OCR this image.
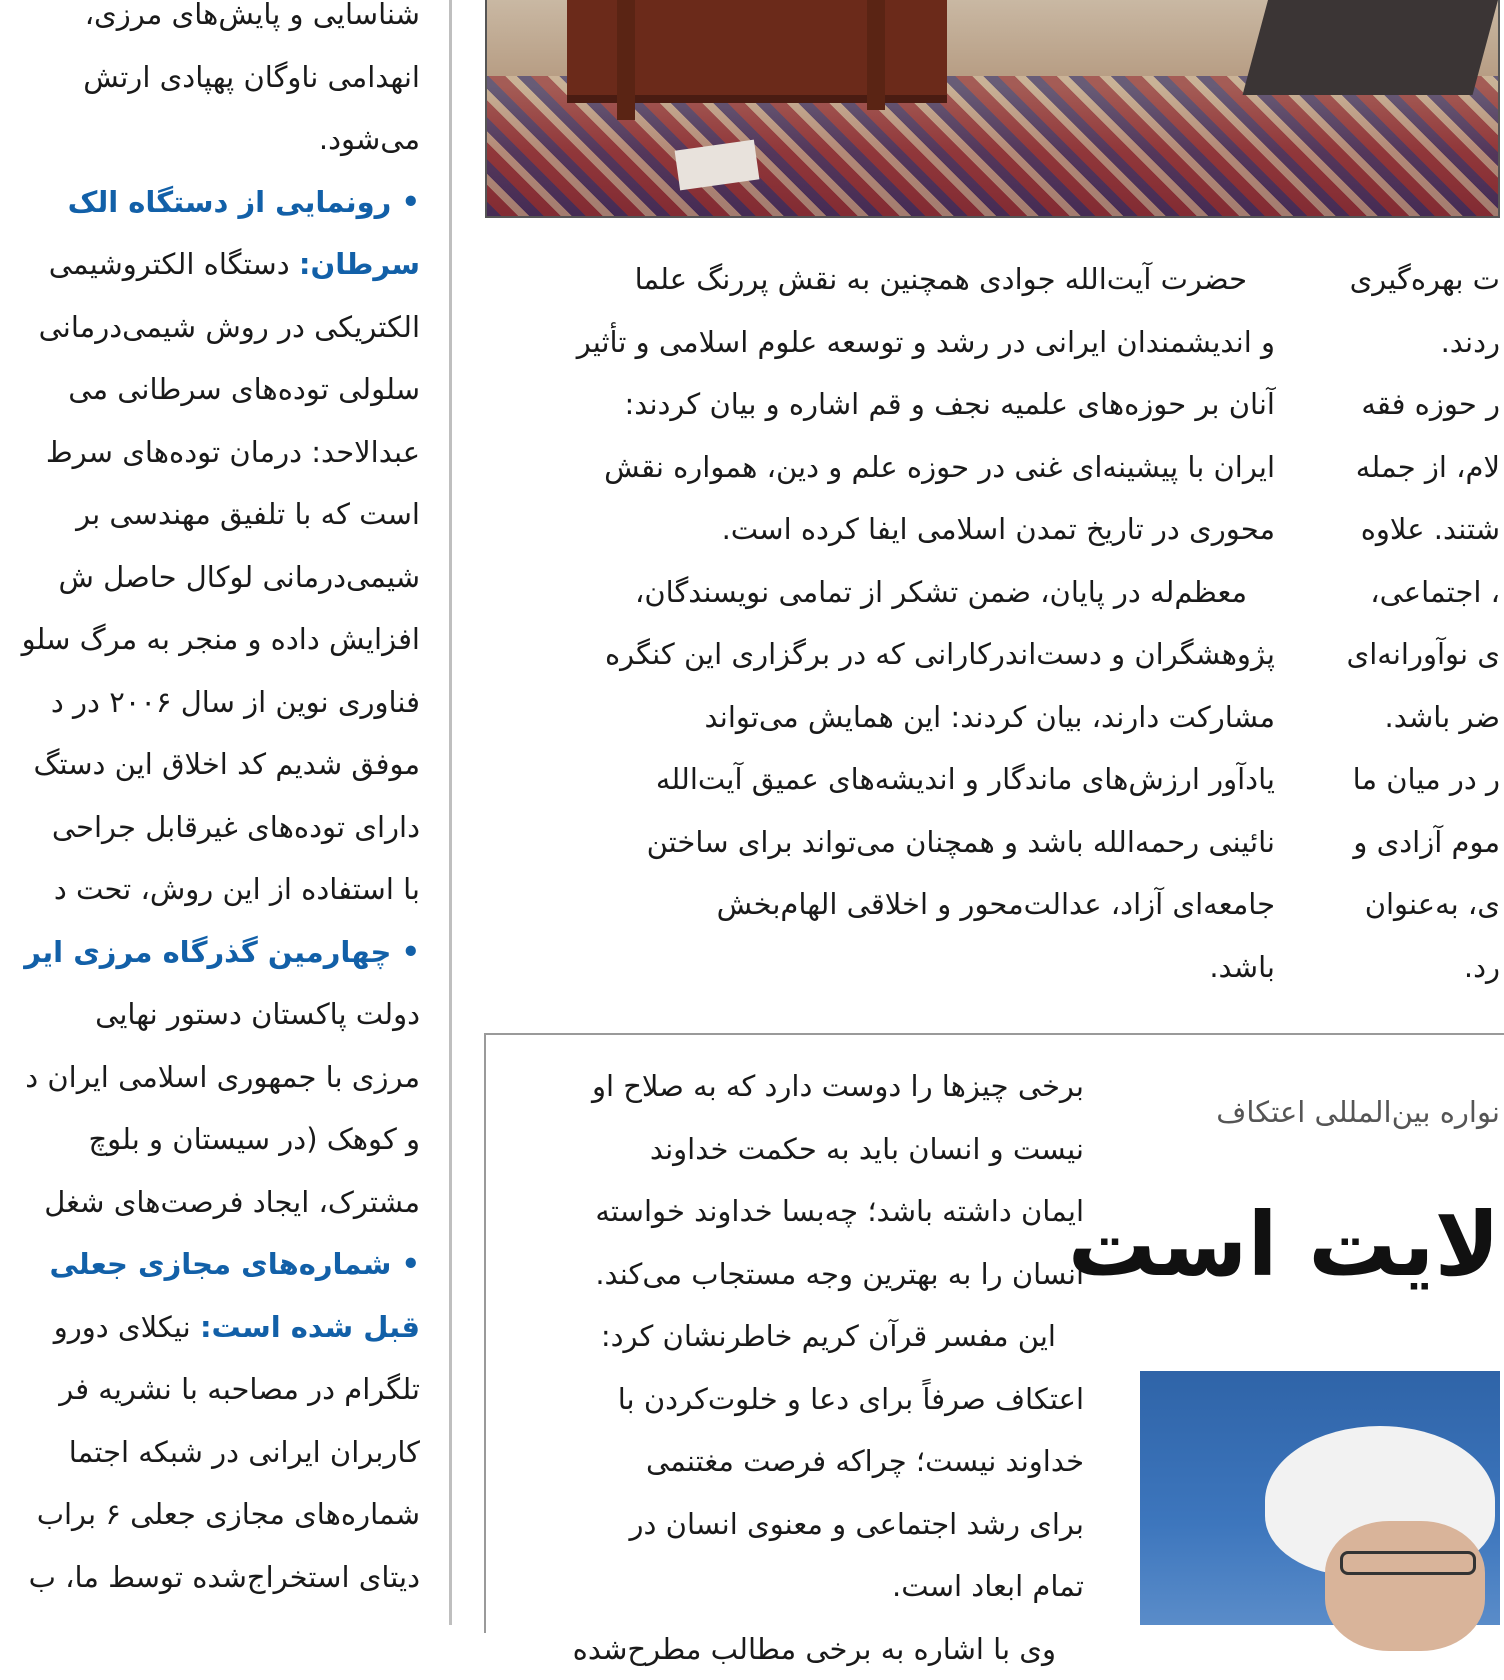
شناسایی و پایش‌های مرزی،
انهدامی ناوگان پهپادی ارتش
می‌شود.
• رونمایی از دستگاه الک
سرطان: دستگاه الکتروشیمی
الکتریکی در روش شیمی‌درمانی
سلولی توده‌های سرطانی می
عبدالاحد: درمان توده‌های سرط
است که با تلفیق مهندسی بر
شیمی‌درمانی لوکال حاصل ش
افزایش داده و منجر به مرگ سلو
فناوری نوین از سال ۲۰۰۶ در د
موفق شدیم کد اخلاق این دستگ
دارای توده‌های غیرقابل جراحی
با استفاده از این روش، تحت د
• چهارمین گذرگاه مرزی ایر
دولت پاکستان دستور نهایی
مرزی با جمهوری اسلامی ایران د
و کوهک (در سیستان و بلوچ
مشترک، ایجاد فرصت‌های شغل
• شماره‌های مجازی جعلی
قبل شده است: نیکلای دورو
تلگرام در مصاحبه با نشریه فر
کاربران ایرانی در شبکه اجتما
شماره‌های مجازی جعلی ۶ براب
دیتای استخراج‌شده توسط ما، ب
حضرت آیت‌الله جوادی همچنین به نقش پررنگ علما
و اندیشمندان ایرانی در رشد و توسعه علوم اسلامی و تأثیر
آنان بر حوزه‌های علمیه نجف و قم اشاره و بیان کردند:
ایران با پیشینه‌ای غنی در حوزه علم و دین، همواره نقش
محوری در تاریخ تمدن اسلامی ایفا کرده است.
معظم‌له در پایان، ضمن تشکر از تمامی نویسندگان،
پژوهشگران و دست‌اندرکارانی که در برگزاری این کنگره
مشارکت دارند، بیان کردند: این همایش می‌تواند
یادآور ارزش‌های ماندگار و اندیشه‌های عمیق آیت‌الله
نائینی رحمه‌الله باشد و همچنان می‌تواند برای ساختن
جامعه‌ای آزاد، عدالت‌محور و اخلاقی الهام‌بخش
باشد.
ت بهره‌گیری
ردند.
ر حوزه فقه
لام، از جمله
شتند. علاوه
، اجتماعی،
ی نوآورانه‌ای
ضر باشد.
ر در میان ما
موم آزادی و
ی، به‌عنوان
رد.
برخی چیزها را دوست دارد که به صلاح او
نیست و انسان باید به حکمت خداوند
ایمان داشته باشد؛ چه‌بسا خداوند خواسته
انسان را به بهترین وجه مستجاب می‌کند.
این مفسر قرآن کریم خاطرنشان کرد:
اعتکاف صرفاً برای دعا و خلوت‌کردن با
خداوند نیست؛ چراکه فرصت مغتنمی
برای رشد اجتماعی و معنوی انسان در
تمام ابعاد است.
وی با اشاره به برخی مطالب مطرح‌شده
نواره بین‌المللی اعتکاف
لایت است
